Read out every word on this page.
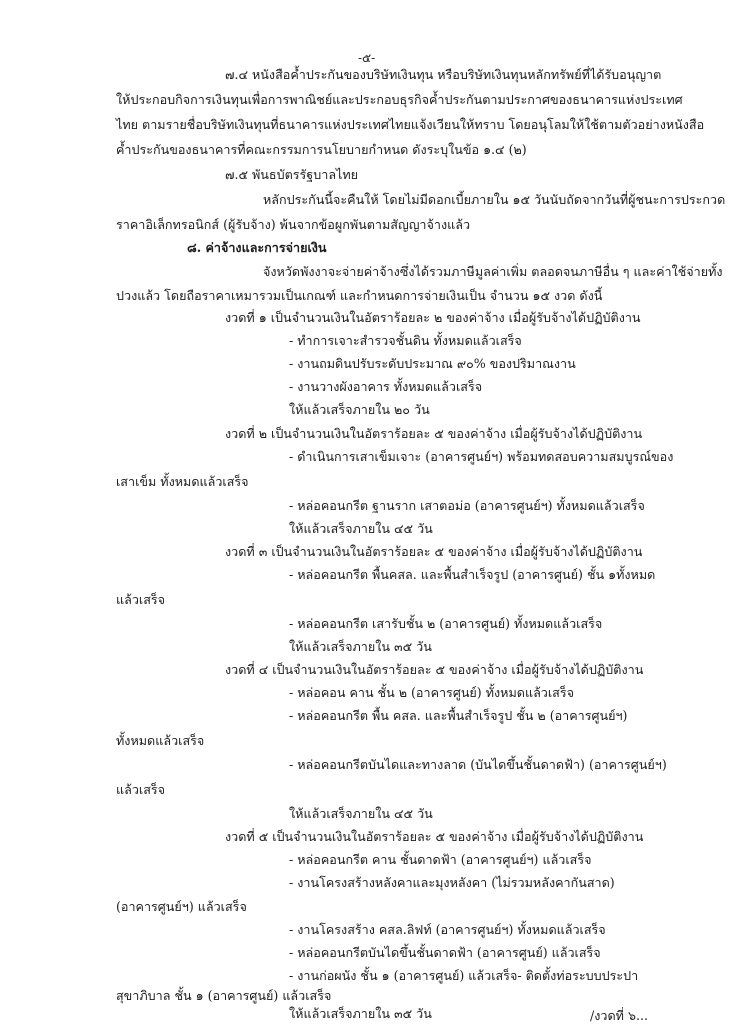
-๕-
๗.๔ หนังสือค้ำประกันของบริษัทเงินทุน หรือบริษัทเงินทุนหลักทรัพย์ที่ได้รับอนุญาต
ให้ประกอบกิจการเงินทุนเพื่อการพาณิชย์และประกอบธุรกิจค้ำประกันตามประกาศของธนาคารแห่งประเทศ
ไทย ตามรายชื่อบริษัทเงินทุนที่ธนาคารแห่งประเทศไทยแจ้งเวียนให้ทราบ โดยอนุโลมให้ใช้ตามตัวอย่างหนังสือ
ค้ำประกันของธนาคารที่คณะกรรมการนโยบายกำหนด ดังระบุในข้อ ๑.๔ (๒)
๗.๕ พันธบัตรรัฐบาลไทย
หลักประกันนี้จะคืนให้ โดยไม่มีดอกเบี้ยภายใน ๑๕ วันนับถัดจากวันที่ผู้ชนะการประกวด
ราคาอิเล็กทรอนิกส์ (ผู้รับจ้าง) พ้นจากข้อผูกพันตามสัญญาจ้างแล้ว
๘. ค่าจ้างและการจ่ายเงิน
จังหวัดพังงาจะจ่ายค่าจ้างซึ่งได้รวมภาษีมูลค่าเพิ่ม ตลอดจนภาษีอื่น ๆ และค่าใช้จ่ายทั้ง
ปวงแล้ว โดยถือราคาเหมารวมเป็นเกณฑ์ และกำหนดการจ่ายเงินเป็น จำนวน ๑๕ งวด ดังนี้
งวดที่ ๑ เป็นจำนวนเงินในอัตราร้อยละ ๒ ของค่าจ้าง เมื่อผู้รับจ้างได้ปฏิบัติงาน
- ทำการเจาะสำรวจชั้นดิน ทั้งหมดแล้วเสร็จ
- งานถมดินปรับระดับประมาณ ๙๐% ของปริมาณงาน
- งานวางผังอาคาร ทั้งหมดแล้วเสร็จ
ให้แล้วเสร็จภายใน ๒๐ วัน
งวดที่ ๒ เป็นจำนวนเงินในอัตราร้อยละ ๕ ของค่าจ้าง เมื่อผู้รับจ้างได้ปฏิบัติงาน
- ดำเนินการเสาเข็มเจาะ (อาคารศูนย์ฯ) พร้อมทดสอบความสมบูรณ์ของ
เสาเข็ม ทั้งหมดแล้วเสร็จ
- หล่อคอนกรีต ฐานราก เสาตอม่อ (อาคารศูนย์ฯ) ทั้งหมดแล้วเสร็จ
ให้แล้วเสร็จภายใน ๔๕ วัน
งวดที่ ๓ เป็นจำนวนเงินในอัตราร้อยละ ๕ ของค่าจ้าง เมื่อผู้รับจ้างได้ปฏิบัติงาน
- หล่อคอนกรีต พื้นคสล. และพื้นสำเร็จรูป (อาคารศูนย์) ชั้น ๑ทั้งหมด
แล้วเสร็จ
- หล่อคอนกรีต เสารับชั้น ๒ (อาคารศูนย์) ทั้งหมดแล้วเสร็จ
ให้แล้วเสร็จภายใน ๓๕ วัน
งวดที่ ๔ เป็นจำนวนเงินในอัตราร้อยละ ๕ ของค่าจ้าง เมื่อผู้รับจ้างได้ปฏิบัติงาน
- หล่อคอน คาน ชั้น ๒ (อาคารศูนย์) ทั้งหมดแล้วเสร็จ
- หล่อคอนกรีต พื้น คสล. และพื้นสำเร็จรูป ชั้น ๒ (อาคารศูนย์ฯ)
ทั้งหมดแล้วเสร็จ
- หล่อคอนกรีตบันไดและทางลาด (บันไดขึ้นชั้นดาดฟ้า) (อาคารศูนย์ฯ)
แล้วเสร็จ
ให้แล้วเสร็จภายใน ๔๕ วัน
งวดที่ ๕ เป็นจำนวนเงินในอัตราร้อยละ ๕ ของค่าจ้าง เมื่อผู้รับจ้างได้ปฏิบัติงาน
- หล่อคอนกรีต คาน ชั้นดาดฟ้า (อาคารศูนย์ฯ) แล้วเสร็จ
- งานโครงสร้างหลังคาและมุงหลังคา (ไม่รวมหลังคากันสาด)
(อาคารศูนย์ฯ) แล้วเสร็จ
- งานโครงสร้าง คสล.ลิฟท์ (อาคารศูนย์ฯ) ทั้งหมดแล้วเสร็จ
- หล่อคอนกรีตบันไดขึ้นชั้นดาดฟ้า (อาคารศูนย์) แล้วเสร็จ
- งานก่อผนัง ชั้น ๑ (อาคารศูนย์) แล้วเสร็จ- ติดตั้งท่อระบบประปา
สุขาภิบาล ชั้น ๑ (อาคารศูนย์) แล้วเสร็จ
ให้แล้วเสร็จภายใน ๓๕ วัน	/งวดที่ ๖...
